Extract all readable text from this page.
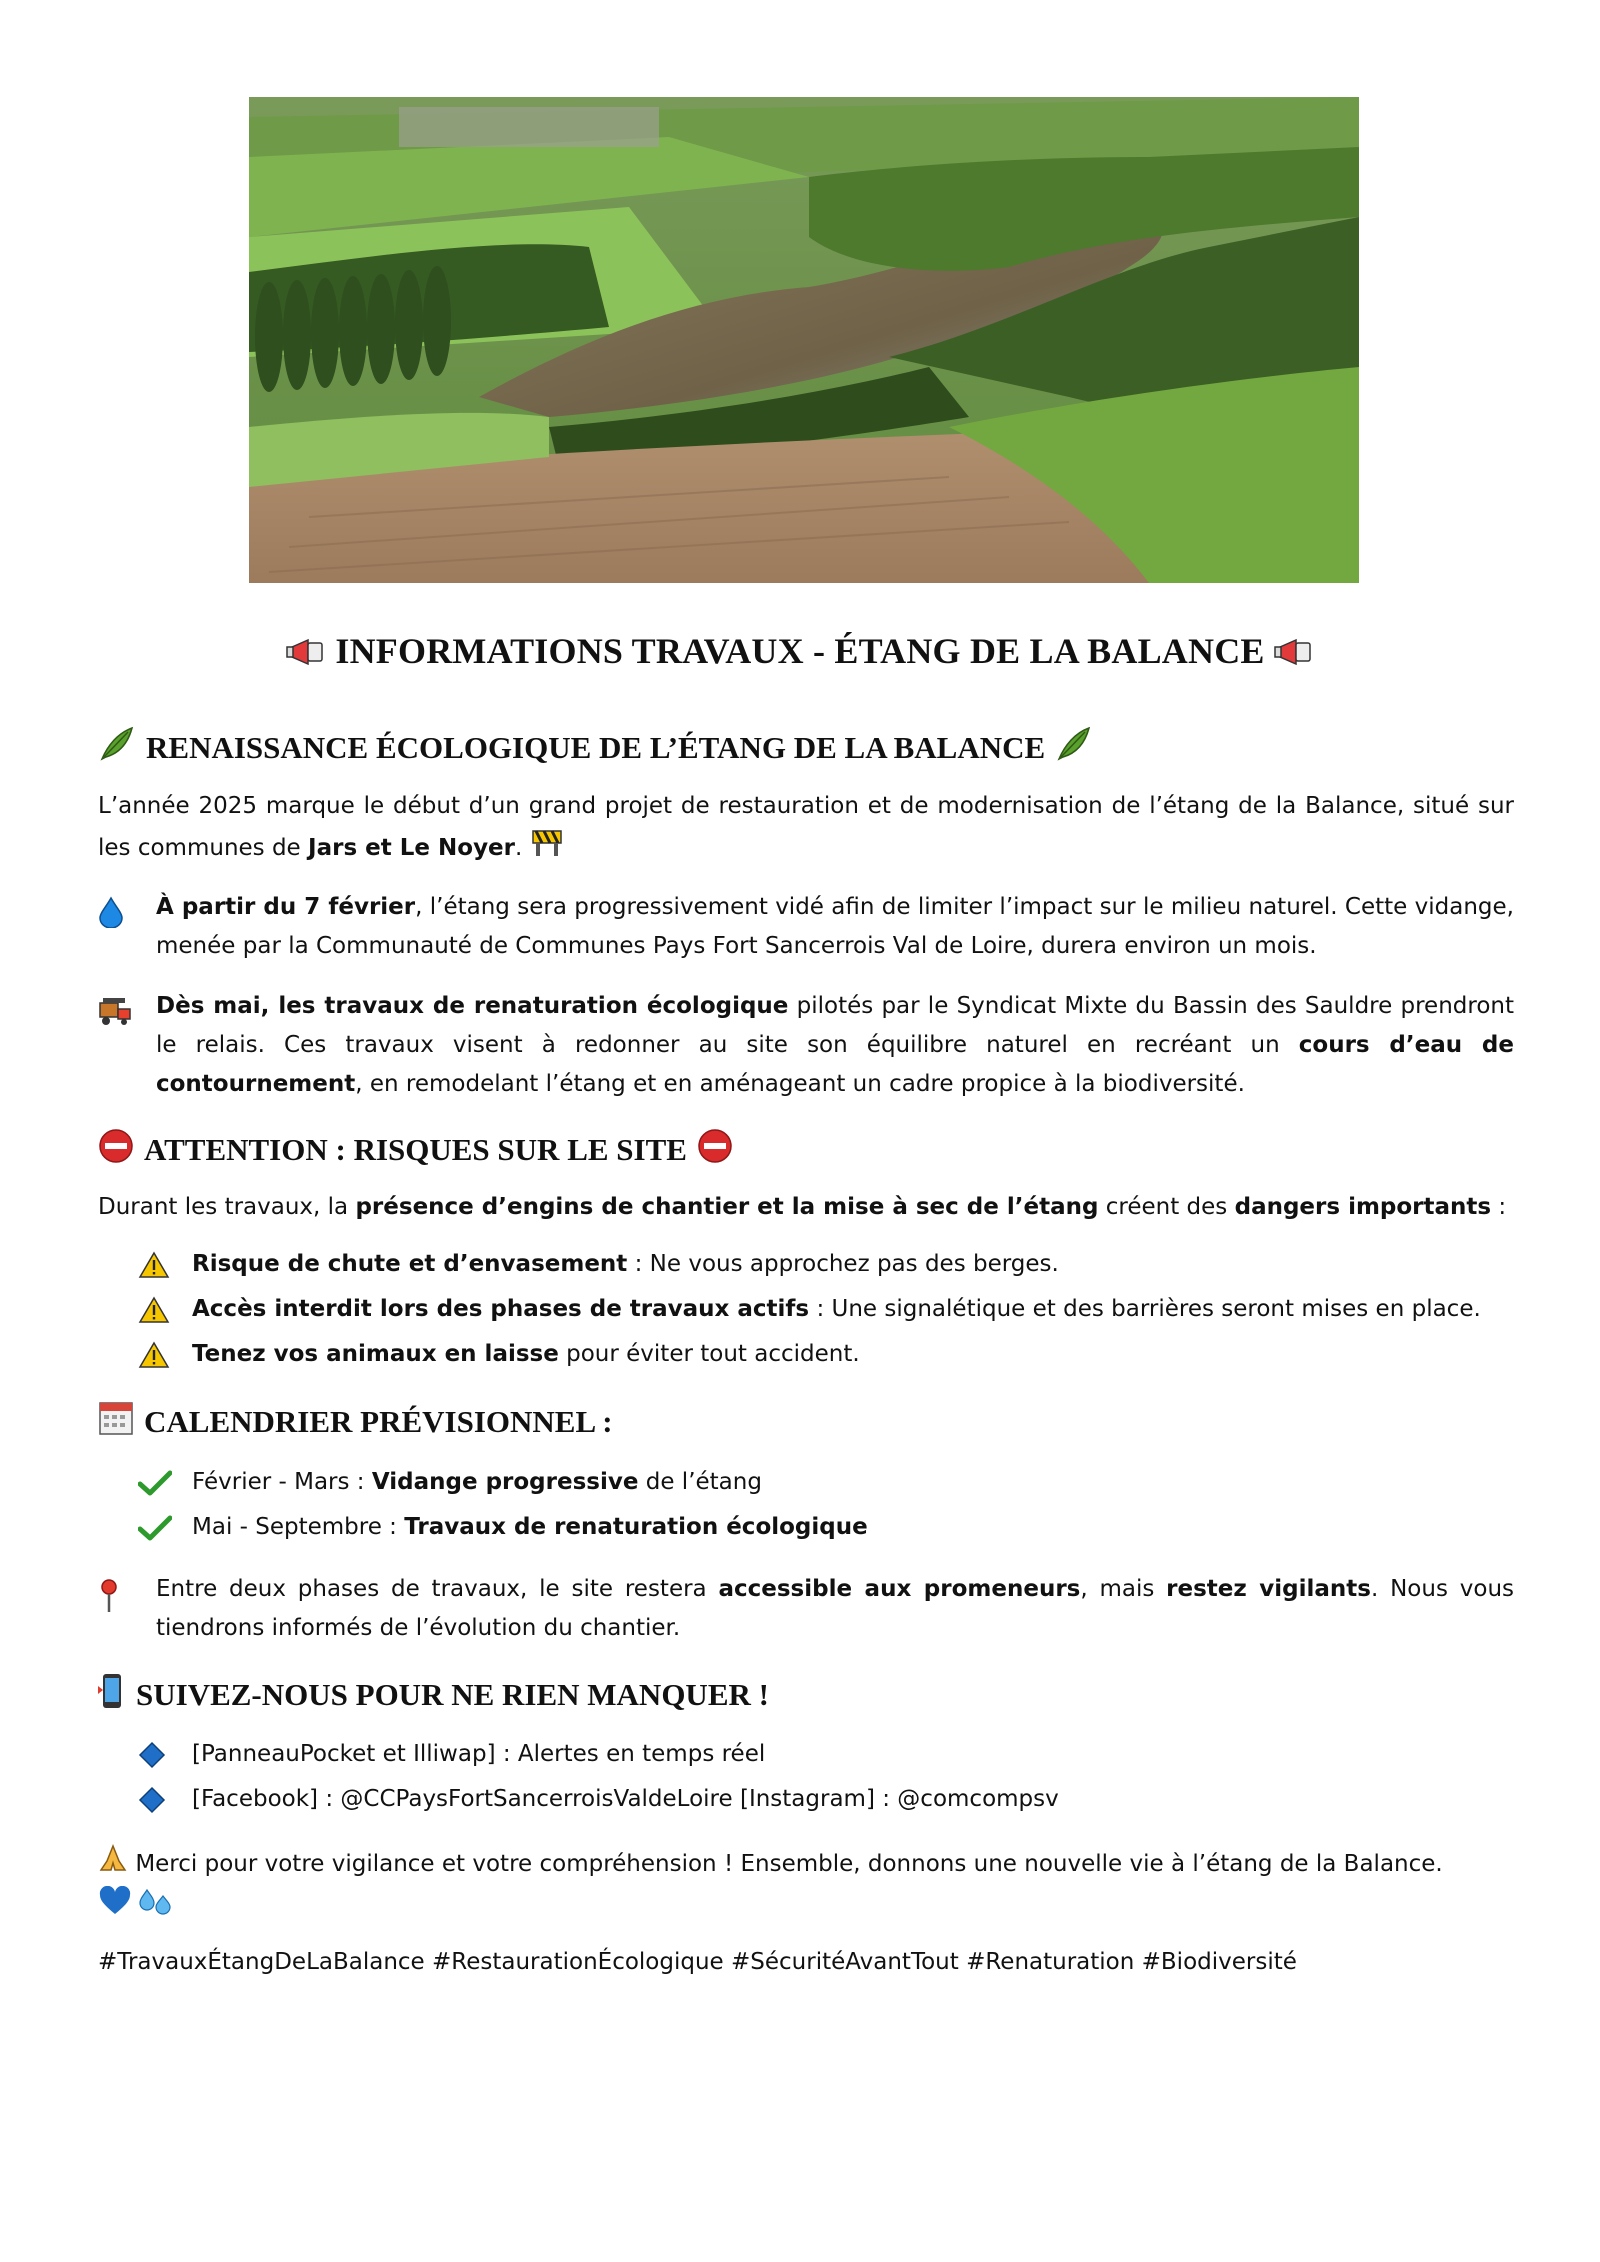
INFORMATIONS TRAVAUX - ÉTANG DE LA BALANCE
RENAISSANCE ÉCOLOGIQUE DE L’ÉTANG DE LA BALANCE
L’année 2025 marque le début d’un grand projet de restauration et de modernisation de l’étang de la Balance, situé sur les communes de Jars et Le Noyer.
À partir du 7 février, l’étang sera progressivement vidé afin de limiter l’impact sur le milieu naturel. Cette vidange, menée par la Communauté de Communes Pays Fort Sancerrois Val de Loire, durera environ un mois.
Dès mai, les travaux de renaturation écologique pilotés par le Syndicat Mixte du Bassin des Sauldre prendront le relais. Ces travaux visent à redonner au site son équilibre naturel en recréant un cours d’eau de contournement, en remodelant l’étang et en aménageant un cadre propice à la biodiversité.
ATTENTION : RISQUES SUR LE SITE
Durant les travaux, la présence d’engins de chantier et la mise à sec de l’étang créent des dangers importants :
Risque de chute et d’envasement : Ne vous approchez pas des berges.
Accès interdit lors des phases de travaux actifs : Une signalétique et des barrières seront mises en place.
Tenez vos animaux en laisse pour éviter tout accident.
CALENDRIER PRÉVISIONNEL :
Février - Mars : Vidange progressive de l’étang
Mai - Septembre : Travaux de renaturation écologique
Entre deux phases de travaux, le site restera accessible aux promeneurs, mais restez vigilants. Nous vous tiendrons informés de l’évolution du chantier.
SUIVEZ-NOUS POUR NE RIEN MANQUER !
[PanneauPocket et Illiwap] : Alertes en temps réel
[Facebook] : @CCPaysFortSancerroisValdeLoire [Instagram] : @comcompsv
Merci pour votre vigilance et votre compréhension ! Ensemble, donnons une nouvelle vie à l’étang de la Balance.

#TravauxÉtangDeLaBalance #RestaurationÉcologique #SécuritéAvantTout #Renaturation #Biodiversité
